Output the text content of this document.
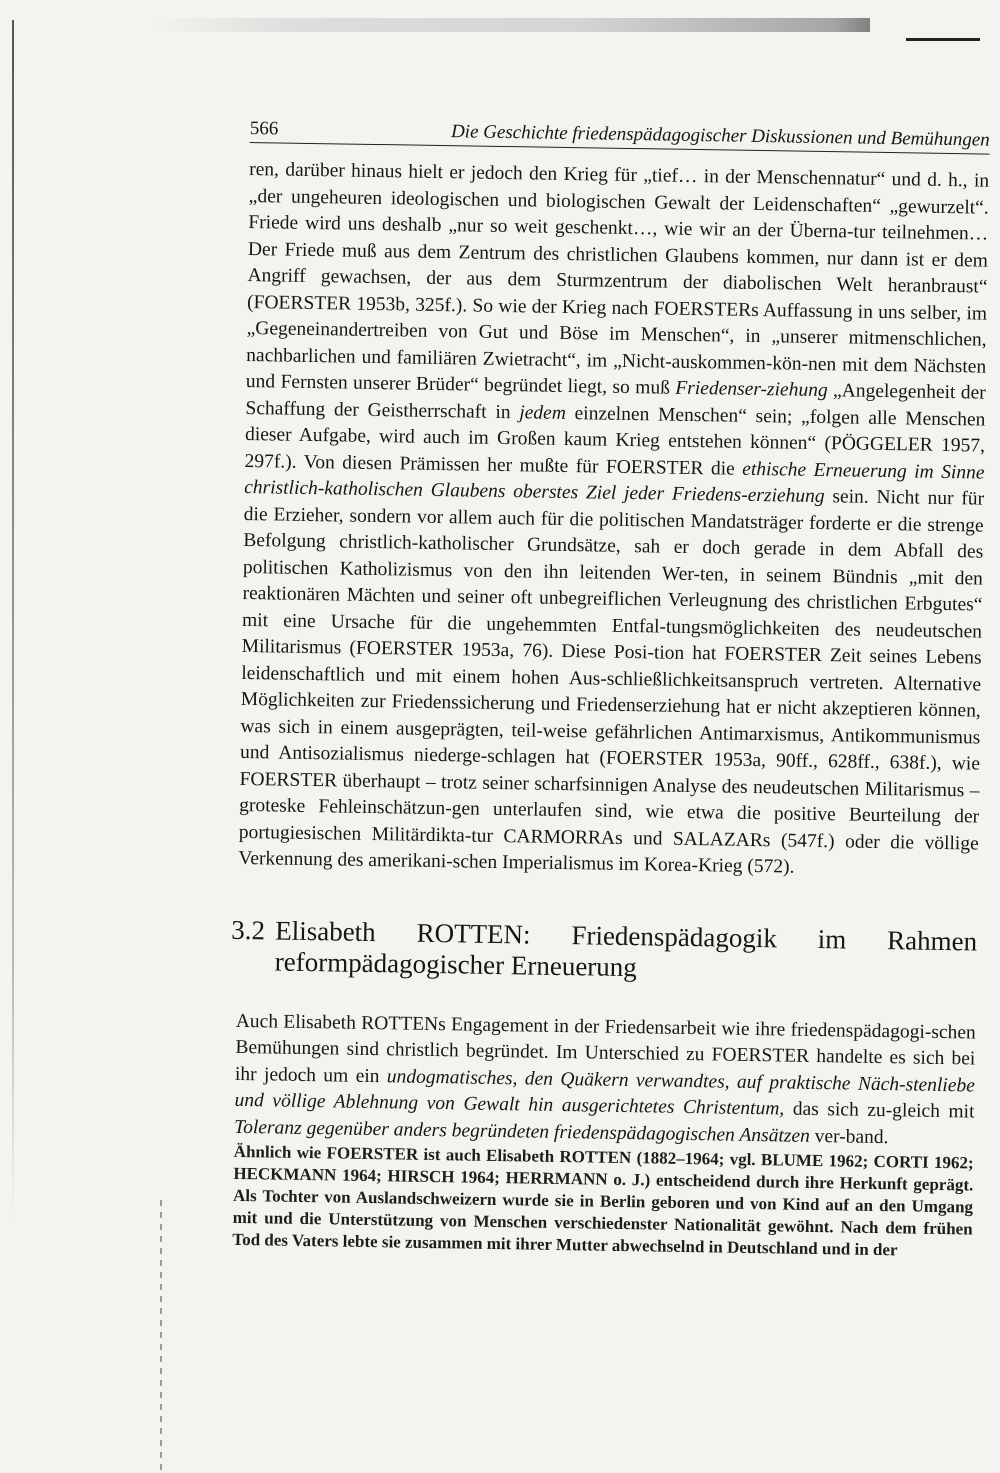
566	Die Geschichte friedenspädagogischer Diskussionen und Bemühungen

ren, darüber hinaus hielt er jedoch den Krieg für „tief… in der Menschennatur“ und d. h., in „der ungeheuren ideologischen und biologischen Gewalt der Leidenschaften“ „gewurzelt“. Friede wird uns deshalb „nur so weit geschenkt…, wie wir an der Überna-tur teilnehmen… Der Friede muß aus dem Zentrum des christlichen Glaubens kommen, nur dann ist er dem Angriff gewachsen, der aus dem Sturmzentrum der diabolischen Welt heranbraust“ (FOERSTER 1953b, 325f.). So wie der Krieg nach FOERSTERs Auffassung in uns selber, im „Gegeneinandertreiben von Gut und Böse im Menschen“, in „unserer mitmenschlichen, nachbarlichen und familiären Zwietracht“, im „Nicht-auskommen-kön-nen mit dem Nächsten und Fernsten unserer Brüder“ begründet liegt, so muß Friedenser-ziehung „Angelegenheit der Schaffung der Geistherrschaft in jedem einzelnen Menschen“ sein; „folgen alle Menschen dieser Aufgabe, wird auch im Großen kaum Krieg entstehen können“ (PÖGGELER 1957, 297f.). Von diesen Prämissen her mußte für FOERSTER die ethische Erneuerung im Sinne christlich-katholischen Glaubens oberstes Ziel jeder Friedens-erziehung sein. Nicht nur für die Erzieher, sondern vor allem auch für die politischen Mandatsträger forderte er die strenge Befolgung christlich-katholischer Grundsätze, sah er doch gerade in dem Abfall des politischen Katholizismus von den ihn leitenden Wer-ten, in seinem Bündnis „mit den reaktionären Mächten und seiner oft unbegreiflichen Verleugnung des christlichen Erbgutes“ mit eine Ursache für die ungehemmten Entfal-tungsmöglichkeiten des neudeutschen Militarismus (FOERSTER 1953a, 76). Diese Posi-tion hat FOERSTER Zeit seines Lebens leidenschaftlich und mit einem hohen Aus-schließlichkeitsanspruch vertreten. Alternative Möglichkeiten zur Friedenssicherung und Friedenserziehung hat er nicht akzeptieren können, was sich in einem ausgeprägten, teil-weise gefährlichen Antimarxismus, Antikommunismus und Antisozialismus niederge-schlagen hat (FOERSTER 1953a, 90ff., 628ff., 638f.), wie FOERSTER überhaupt – trotz seiner scharfsinnigen Analyse des neudeutschen Militarismus – groteske Fehleinschätzun-gen unterlaufen sind, wie etwa die positive Beurteilung der portugiesischen Militärdikta-tur CARMORRAs und SALAZARs (547f.) oder die völlige Verkennung des amerikani-schen Imperialismus im Korea-Krieg (572).

3.2 Elisabeth ROTTEN: Friedenspädagogik im Rahmen reformpädagogischer Erneuerung

Auch Elisabeth ROTTENs Engagement in der Friedensarbeit wie ihre friedenspädagogi-schen Bemühungen sind christlich begründet. Im Unterschied zu FOERSTER handelte es sich bei ihr jedoch um ein undogmatisches, den Quäkern verwandtes, auf praktische Näch-stenliebe und völlige Ablehnung von Gewalt hin ausgerichtetes Christentum, das sich zu-gleich mit Toleranz gegenüber anders begründeten friedenspädagogischen Ansätzen ver-band.

Ähnlich wie FOERSTER ist auch Elisabeth ROTTEN (1882–1964; vgl. BLUME 1962; CORTI 1962; HECKMANN 1964; HIRSCH 1964; HERRMANN o. J.) entscheidend durch ihre Herkunft geprägt. Als Tochter von Auslandschweizern wurde sie in Berlin geboren und von Kind auf an den Umgang mit und die Unterstützung von Menschen verschiedenster Nationalität gewöhnt. Nach dem frühen Tod des Vaters lebte sie zusammen mit ihrer Mutter abwechselnd in Deutschland und in der
